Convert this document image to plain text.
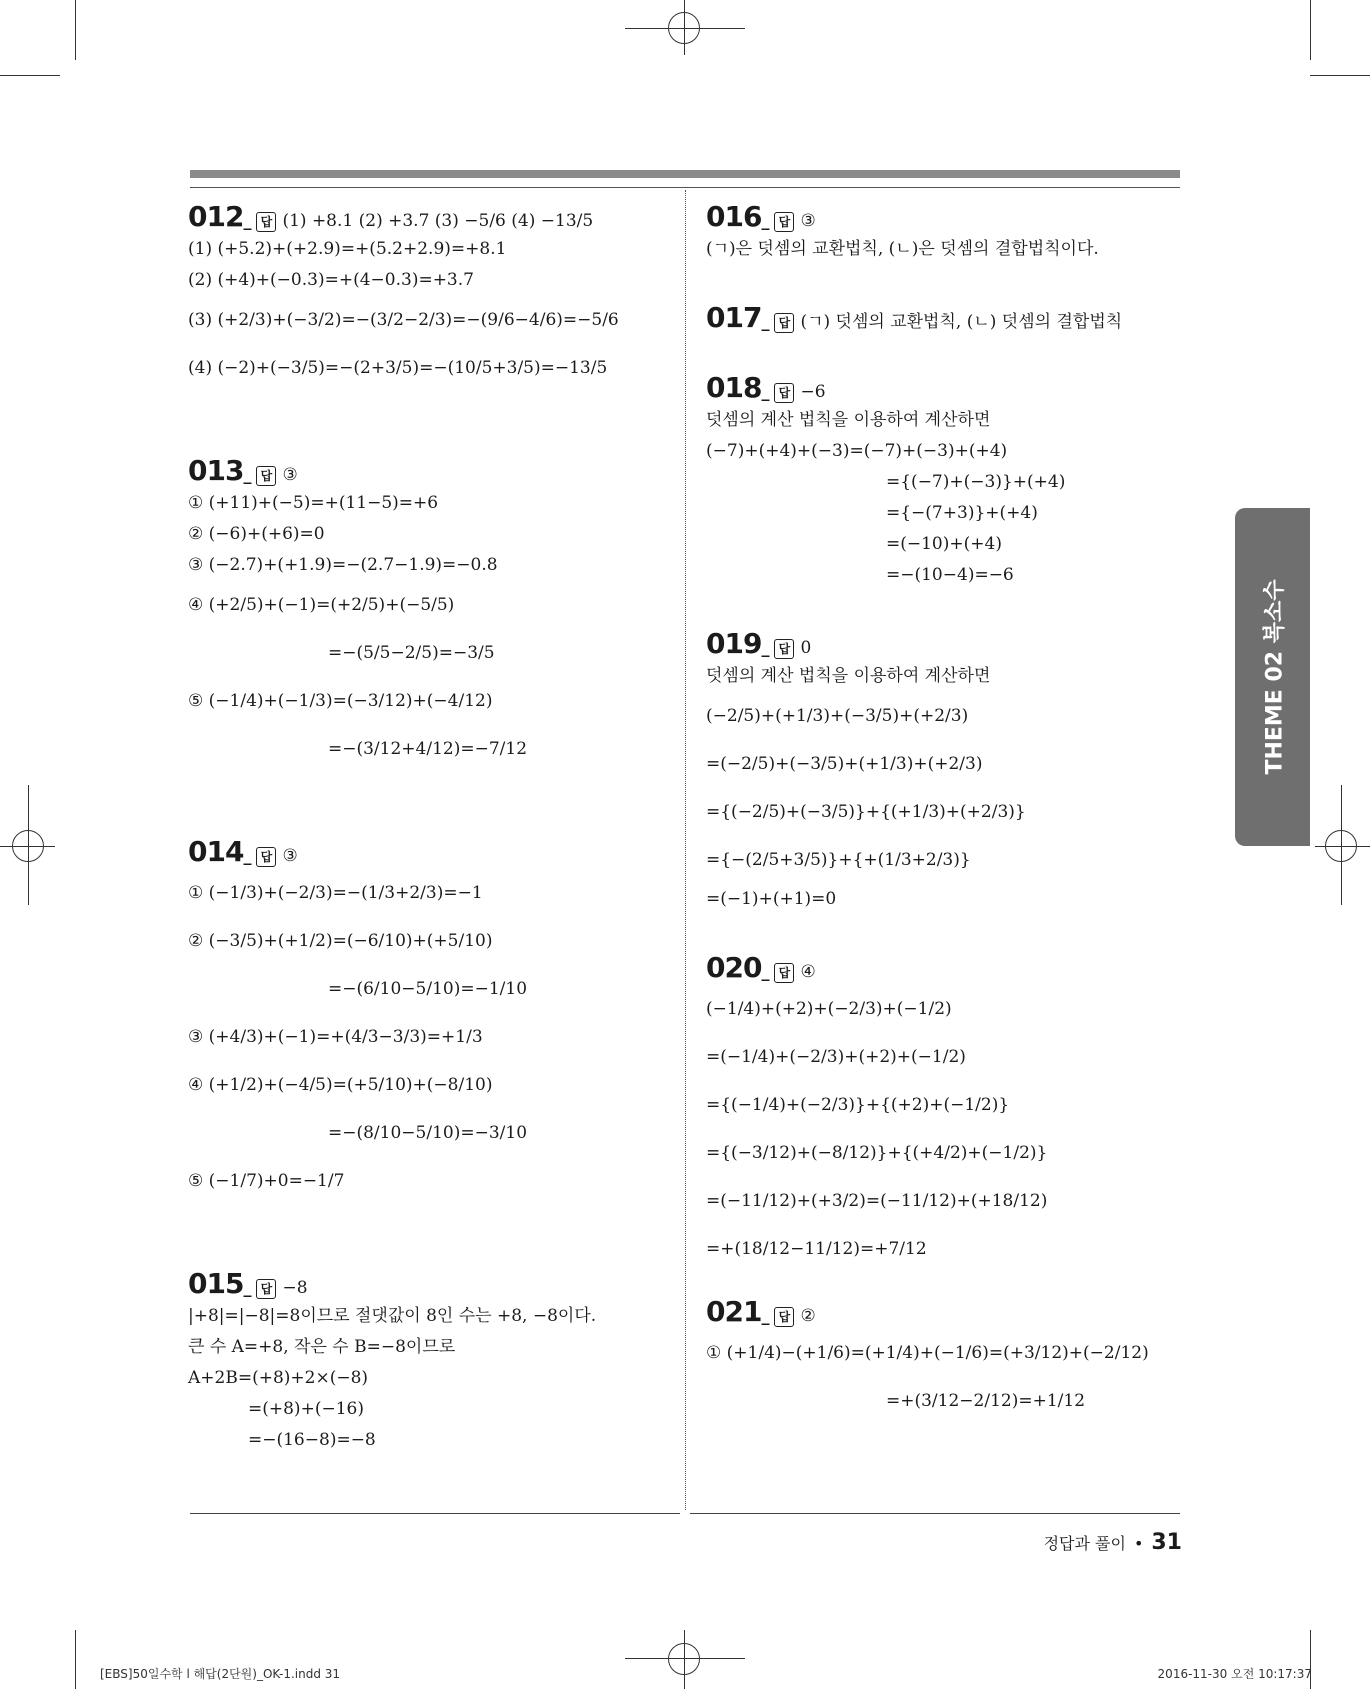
012 _	답 (1) +8.1 (2) +3.7 (3) −5/6 (4) −13/5
(1) (+5.2)+(+2.9)=+(5.2+2.9)=+8.1
(2) (+4)+(−0.3)=+(4−0.3)=+3.7
(3) (+2/3)+(−3/2)=−(3/2−2/3)=−(9/6−4/6)=−5/6
(4) (−2)+(−3/5)=−(2+3/5)=−(10/5+3/5)=−13/5
013 _	답 ③
① (+11)+(−5)=+(11−5)=+6
② (−6)+(+6)=0
③ (−2.7)+(+1.9)=−(2.7−1.9)=−0.8
④ (+2/5)+(−1)=(+2/5)+(−5/5)
=−(5/5−2/5)=−3/5
⑤ (−1/4)+(−1/3)=(−3/12)+(−4/12)
=−(3/12+4/12)=−7/12
014 _	답 ③
① (−1/3)+(−2/3)=−(1/3+2/3)=−1
② (−3/5)+(+1/2)=(−6/10)+(+5/10)
=−(6/10−5/10)=−1/10
③ (+4/3)+(−1)=+(4/3−3/3)=+1/3
④ (+1/2)+(−4/5)=(+5/10)+(−8/10)
=−(8/10−5/10)=−3/10
⑤ (−1/7)+0=−1/7
015 _	답 −8
|+8|=|−8|=8이므로 절댓값이 8인 수는 +8, −8이다.
큰 수 A=+8, 작은 수 B=−8이므로
A+2B=(+8)+2×(−8)
=(+8)+(−16)
=−(16−8)=−8
016 _	답 ③
(ㄱ)은 덧셈의 교환법칙, (ㄴ)은 덧셈의 결합법칙이다.
017 _	답 (ㄱ) 덧셈의 교환법칙, (ㄴ) 덧셈의 결합법칙
018 _	답 −6
덧셈의 계산 법칙을 이용하여 계산하면
(−7)+(+4)+(−3)=(−7)+(−3)+(+4)
={(−7)+(−3)}+(+4)
={−(7+3)}+(+4)
=(−10)+(+4)
=−(10−4)=−6
019 _	답 0
덧셈의 계산 법칙을 이용하여 계산하면
(−2/5)+(+1/3)+(−3/5)+(+2/3)
=(−2/5)+(−3/5)+(+1/3)+(+2/3)
={(−2/5)+(−3/5)}+{(+1/3)+(+2/3)}
={−(2/5+3/5)}+{+(1/3+2/3)}
=(−1)+(+1)=0
020 _	답 ④
(−1/4)+(+2)+(−2/3)+(−1/2)
=(−1/4)+(−2/3)+(+2)+(−1/2)
={(−1/4)+(−2/3)}+{(+2)+(−1/2)}
={(−3/12)+(−8/12)}+{(+4/2)+(−1/2)}
=(−11/12)+(+3/2)=(−11/12)+(+18/12)
=+(18/12−11/12)=+7/12
021 _	답 ②
① (+1/4)−(+1/6)=(+1/4)+(−1/6)=(+3/12)+(−2/12)
=+(3/12−2/12)=+1/12
THEME 02 복소수
정답과 풀이 • 31
[EBS]50일수학 l 해답(2단원)_OK-1.indd 31	2016-11-30 오전 10:17:37
